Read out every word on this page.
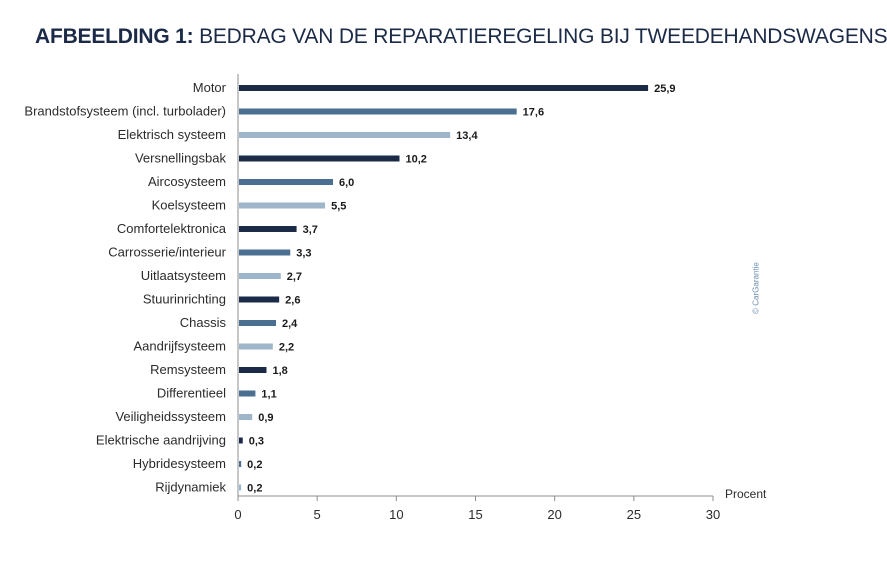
AFBEELDING 1: BEDRAG VAN DE REPARATIEREGELING BIJ TWEEDEHANDSWAGENS
Motor	25,9
Brandstofsysteem (incl. turbolader)	17,6
Elektrisch systeem	13,4
Versnellingsbak	10,2
Aircosysteem	6,0
Koelsysteem	5,5
Comfortelektronica	3,7
Carrosserie/interieur	3,3
Uitlaatsysteem	2,7
Stuurinrichting	2,6
Chassis	2,4
Aandrijfsysteem	2,2
Remsysteem	1,8
Differentieel	1,1
Veiligheidssysteem	0,9
Elektrische aandrijving 0,3
Hybridesysteem 0,2
Rijdynamiek 0,2
0	5	10	15	20	25	30
Procent
© CarGarantie
